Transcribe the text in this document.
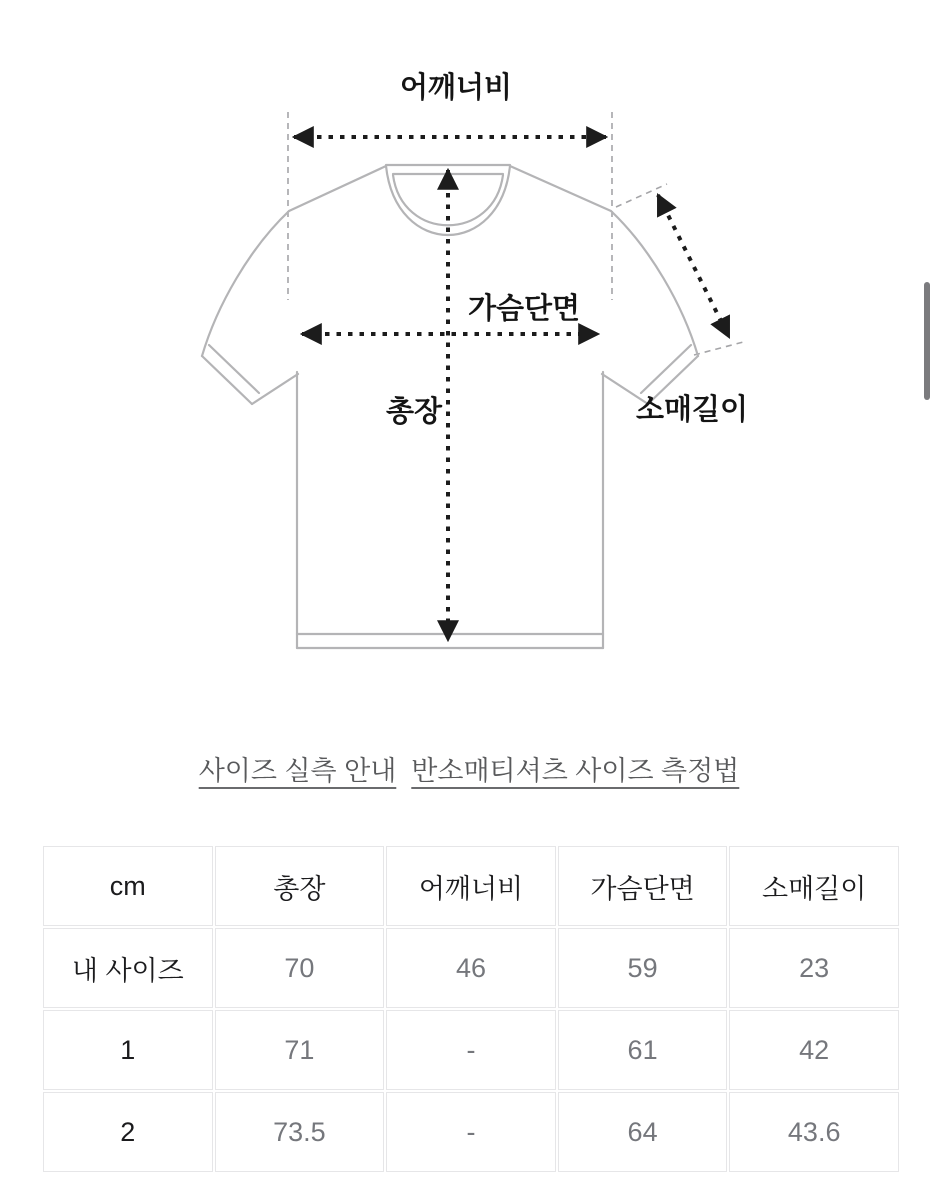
어깨너비
가슴단면
총장	소매길이
사이즈 실측 안내 반소매티셔츠 사이즈 측정법
cm	총장	어깨너비	가슴단면	소매길이
내 사이즈	70	46	59	23
1	71	-	61	42
2	73.5	-	64	43.6
